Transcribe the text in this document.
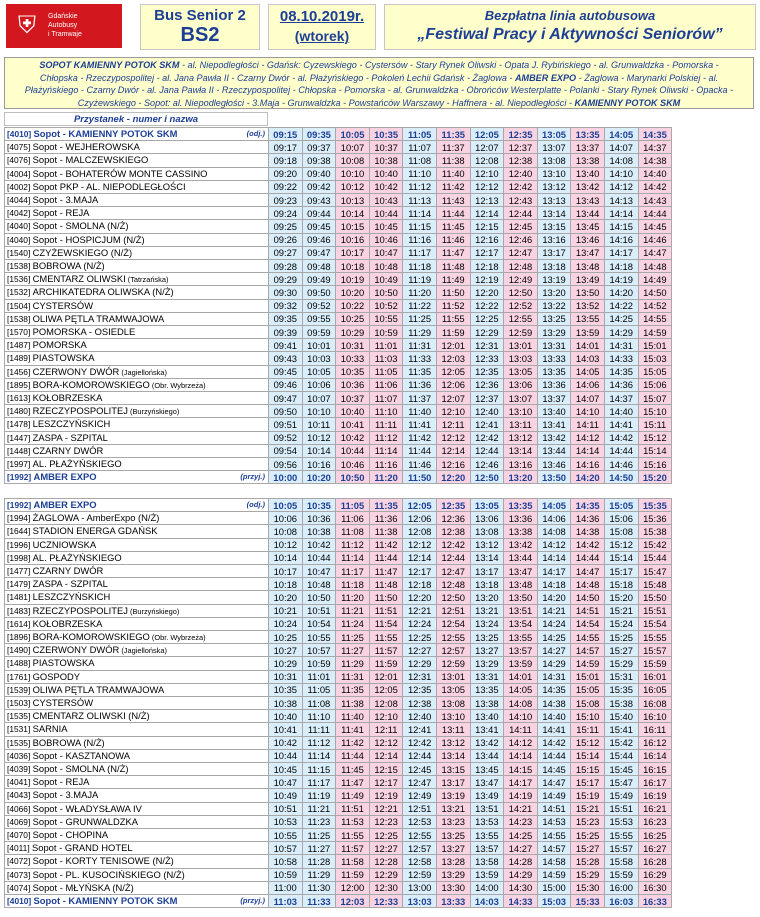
⛨	Gdańskie
Autobusy
i Tramwaje
Bus Senior 2
BS2
08.10.2019r.
(wtorek)
Bezpłatna linia autobusowa
„Festiwal Pracy i Aktywności Seniorów”
SOPOT KAMIENNY POTOK SKM - al. Niepodległości - Gdańsk: Cyzewskiego - Cystersów - Stary Rynek Oliwski - Opata J. Rybińskiego - al. Grunwaldzka - Pomorska -
Chłopska - Rzeczypospolitej - al. Jana Pawła II - Czarny Dwór - al. Płażyńskiego - Pokoleń Lechii Gdańsk - Żaglowa - AMBER EXPO - Żaglowa - Marynarki Polskiej - al.
Płażyńskiego - Czarny Dwór - al. Jana Pawła II - Rzeczypospolitej - Chłopska - Pomorska - al. Grunwaldzka - Obrońców Westerplatte - Polanki - Stary Rynek Oliwski - Opacka -
Czyżewskiego - Sopot: al. Niepodległości - 3.Maja - Grunwaldzka - Powstańców Warszawy - Haffnera - al. Niepodległości - KAMIENNY POTOK SKM
Przystanek - numer i nazwa
(odj.)
[4010] Sopot - KAMIENNY POTOK SKM	09:15	09:35	10:05	10:35	11:05	11:35	12:05	12:35	13:05	13:35	14:05	14:35
[4075] Sopot - WEJHEROWSKA	09:17	09:37	10:07	10:37	11:07	11:37	12:07	12:37	13:07	13:37	14:07	14:37
[4076] Sopot - MALCZEWSKIEGO	09:18	09:38	10:08	10:38	11:08	11:38	12:08	12:38	13:08	13:38	14:08	14:38
[4004] Sopot - BOHATERÓW MONTE CASSINO	09:20	09:40	10:10	10:40	11:10	11:40	12:10	12:40	13:10	13:40	14:10	14:40
[4002] Sopot PKP - AL. NIEPODLEGŁOŚCI	09:22	09:42	10:12	10:42	11:12	11:42	12:12	12:42	13:12	13:42	14:12	14:42
[4044] Sopot - 3.MAJA	09:23	09:43	10:13	10:43	11:13	11:43	12:13	12:43	13:13	13:43	14:13	14:43
[4042] Sopot - REJA	09:24	09:44	10:14	10:44	11:14	11:44	12:14	12:44	13:14	13:44	14:14	14:44
[4040] Sopot - SMOLNA (N/Ż)	09:25	09:45	10:15	10:45	11:15	11:45	12:15	12:45	13:15	13:45	14:15	14:45
[4040] Sopot - HOSPICJUM (N/Ż)	09:26	09:46	10:16	10:46	11:16	11:46	12:16	12:46	13:16	13:46	14:16	14:46
[1540] CZYŻEWSKIEGO (N/Ż)	09:27	09:47	10:17	10:47	11:17	11:47	12:17	12:47	13:17	13:47	14:17	14:47
[1538] BOBROWA (N/Ż)	09:28	09:48	10:18	10:48	11:18	11:48	12:18	12:48	13:18	13:48	14:18	14:48
[1536] CMENTARZ OLIWSKI (Tatrzańska)	09:29	09:49	10:19	10:49	11:19	11:49	12:19	12:49	13:19	13:49	14:19	14:49
[1532] ARCHIKATEDRA OLIWSKA (N/Ż)	09:30	09:50	10:20	10:50	11:20	11:50	12:20	12:50	13:20	13:50	14:20	14:50
[1504] CYSTERSÓW	09:32	09:52	10:22	10:52	11:22	11:52	12:22	12:52	13:22	13:52	14:22	14:52
[1538] OLIWA PĘTLA TRAMWAJOWA	09:35	09:55	10:25	10:55	11:25	11:55	12:25	12:55	13:25	13:55	14:25	14:55
[1570] POMORSKA - OSIEDLE	09:39	09:59	10:29	10:59	11:29	11:59	12:29	12:59	13:29	13:59	14:29	14:59
[1487] POMORSKA	09:41	10:01	10:31	11:01	11:31	12:01	12:31	13:01	13:31	14:01	14:31	15:01
[1489] PIASTOWSKA	09:43	10:03	10:33	11:03	11:33	12:03	12:33	13:03	13:33	14:03	14:33	15:03
[1456] CZERWONY DWÓR (Jagiellońska)	09:45	10:05	10:35	11:05	11:35	12:05	12:35	13:05	13:35	14:05	14:35	15:05
[1895] BORA-KOMOROWSKIEGO (Obr. Wybrzeża)	09:46	10:06	10:36	11:06	11:36	12:06	12:36	13:06	13:36	14:06	14:36	15:06
[1613] KOŁOBRZESKA	09:47	10:07	10:37	11:07	11:37	12:07	12:37	13:07	13:37	14:07	14:37	15:07
[1480] RZECZYPOSPOLITEJ (Burzyńskiego)	09:50	10:10	10:40	11:10	11:40	12:10	12:40	13:10	13:40	14:10	14:40	15:10
[1478] LESZCZYŃSKICH	09:51	10:11	10:41	11:11	11:41	12:11	12:41	13:11	13:41	14:11	14:41	15:11
[1447] ZASPA - SZPITAL	09:52	10:12	10:42	11:12	11:42	12:12	12:42	13:12	13:42	14:12	14:42	15:12
[1448] CZARNY DWÓR	09:54	10:14	10:44	11:14	11:44	12:14	12:44	13:14	13:44	14:14	14:44	15:14
[1997] AL. PŁAŻYŃSKIEGO	09:56	10:16	10:46	11:16	11:46	12:16	12:46	13:16	13:46	14:16	14:46	15:16

(przyj.)
[1992] AMBER EXPO	10:00	10:20	10:50	11:20	11:50	12:20	12:50	13:20	13:50	14:20	14:50	15:20
(odj.)
[1992] AMBER EXPO	10:05	10:35	11:05	11:35	12:05	12:35	13:05	13:35	14:05	14:35	15:05	15:35
[1994] ŻAGLOWA - AmberExpo (N/Ż)	10:06	10:36	11:06	11:36	12:06	12:36	13:06	13:36	14:06	14:36	15:06	15:36
[1644] STADION ENERGA GDAŃSK	10:08	10:38	11:08	11:38	12:08	12:38	13:08	13:38	14:08	14:38	15:08	15:38
[1996] UCZNIOWSKA	10:12	10:42	11:12	11:42	12:12	12:42	13:12	13:42	14:12	14:42	15:12	15:42
[1998] AL. PŁAŻYŃSKIEGO	10:14	10:44	11:14	11:44	12:14	12:44	13:14	13:44	14:14	14:44	15:14	15:44
[1477] CZARNY DWÓR	10:17	10:47	11:17	11:47	12:17	12:47	13:17	13:47	14:17	14:47	15:17	15:47
[1479] ZASPA - SZPITAL	10:18	10:48	11:18	11:48	12:18	12:48	13:18	13:48	14:18	14:48	15:18	15:48
[1481] LESZCZYŃSKICH	10:20	10:50	11:20	11:50	12:20	12:50	13:20	13:50	14:20	14:50	15:20	15:50
[1483] RZECZYPOSPOLITEJ (Burzyńskiego)	10:21	10:51	11:21	11:51	12:21	12:51	13:21	13:51	14:21	14:51	15:21	15:51
[1614] KOŁOBRZESKA	10:24	10:54	11:24	11:54	12:24	12:54	13:24	13:54	14:24	14:54	15:24	15:54
[1896] BORA-KOMOROWSKIEGO (Obr. Wybrzeża)	10:25	10:55	11:25	11:55	12:25	12:55	13:25	13:55	14:25	14:55	15:25	15:55
[1490] CZERWONY DWÓR (Jagiellońska)	10:27	10:57	11:27	11:57	12:27	12:57	13:27	13:57	14:27	14:57	15:27	15:57
[1488] PIASTOWSKA	10:29	10:59	11:29	11:59	12:29	12:59	13:29	13:59	14:29	14:59	15:29	15:59
[1761] GOSPODY	10:31	11:01	11:31	12:01	12:31	13:01	13:31	14:01	14:31	15:01	15:31	16:01
[1539] OLIWA PĘTLA TRAMWAJOWA	10:35	11:05	11:35	12:05	12:35	13:05	13:35	14:05	14:35	15:05	15:35	16:05
[1503] CYSTERSÓW	10:38	11:08	11:38	12:08	12:38	13:08	13:38	14:08	14:38	15:08	15:38	16:08
[1535] CMENTARZ OLIWSKI (N/Ż)	10:40	11:10	11:40	12:10	12:40	13:10	13:40	14:10	14:40	15:10	15:40	16:10
[1531] SARNIA	10:41	11:11	11:41	12:11	12:41	13:11	13:41	14:11	14:41	15:11	15:41	16:11
[1535] BOBROWA (N/Ż)	10:42	11:12	11:42	12:12	12:42	13:12	13:42	14:12	14:42	15:12	15:42	16:12
[4036] Sopot - KASZTANOWA	10:44	11:14	11:44	12:14	12:44	13:14	13:44	14:14	14:44	15:14	15:44	16:14
[4039] Sopot - SMOLNA (N/Ż)	10:45	11:15	11:45	12:15	12:45	13:15	13:45	14:15	14:45	15:15	15:45	16:15
[4041] Sopot - REJA	10:47	11:17	11:47	12:17	12:47	13:17	13:47	14:17	14:47	15:17	15:47	16:17
[4043] Sopot - 3.MAJA	10:49	11:19	11:49	12:19	12:49	13:19	13:49	14:19	14:49	15:19	15:49	16:19
[4066] Sopot - WŁADYSŁAWA IV	10:51	11:21	11:51	12:21	12:51	13:21	13:51	14:21	14:51	15:21	15:51	16:21
[4069] Sopot - GRUNWALDZKA	10:53	11:23	11:53	12:23	12:53	13:23	13:53	14:23	14:53	15:23	15:53	16:23
[4070] Sopot - CHOPINA	10:55	11:25	11:55	12:25	12:55	13:25	13:55	14:25	14:55	15:25	15:55	16:25
[4011] Sopot - GRAND HOTEL	10:57	11:27	11:57	12:27	12:57	13:27	13:57	14:27	14:57	15:27	15:57	16:27
[4072] Sopot - KORTY TENISOWE (N/Ż)	10:58	11:28	11:58	12:28	12:58	13:28	13:58	14:28	14:58	15:28	15:58	16:28
[4073] Sopot - PL. KUSOCIŃSKIEGO (N/Ż)	10:59	11:29	11:59	12:29	12:59	13:29	13:59	14:29	14:59	15:29	15:59	16:29
[4074] Sopot - MŁYŃSKA (N/Ż)	11:00	11:30	12:00	12:30	13:00	13:30	14:00	14:30	15:00	15:30	16:00	16:30

(przyj.)
[4010] Sopot - KAMIENNY POTOK SKM	11:03	11:33	12:03	12:33	13:03	13:33	14:03	14:33	15:03	15:33	16:03	16:33
